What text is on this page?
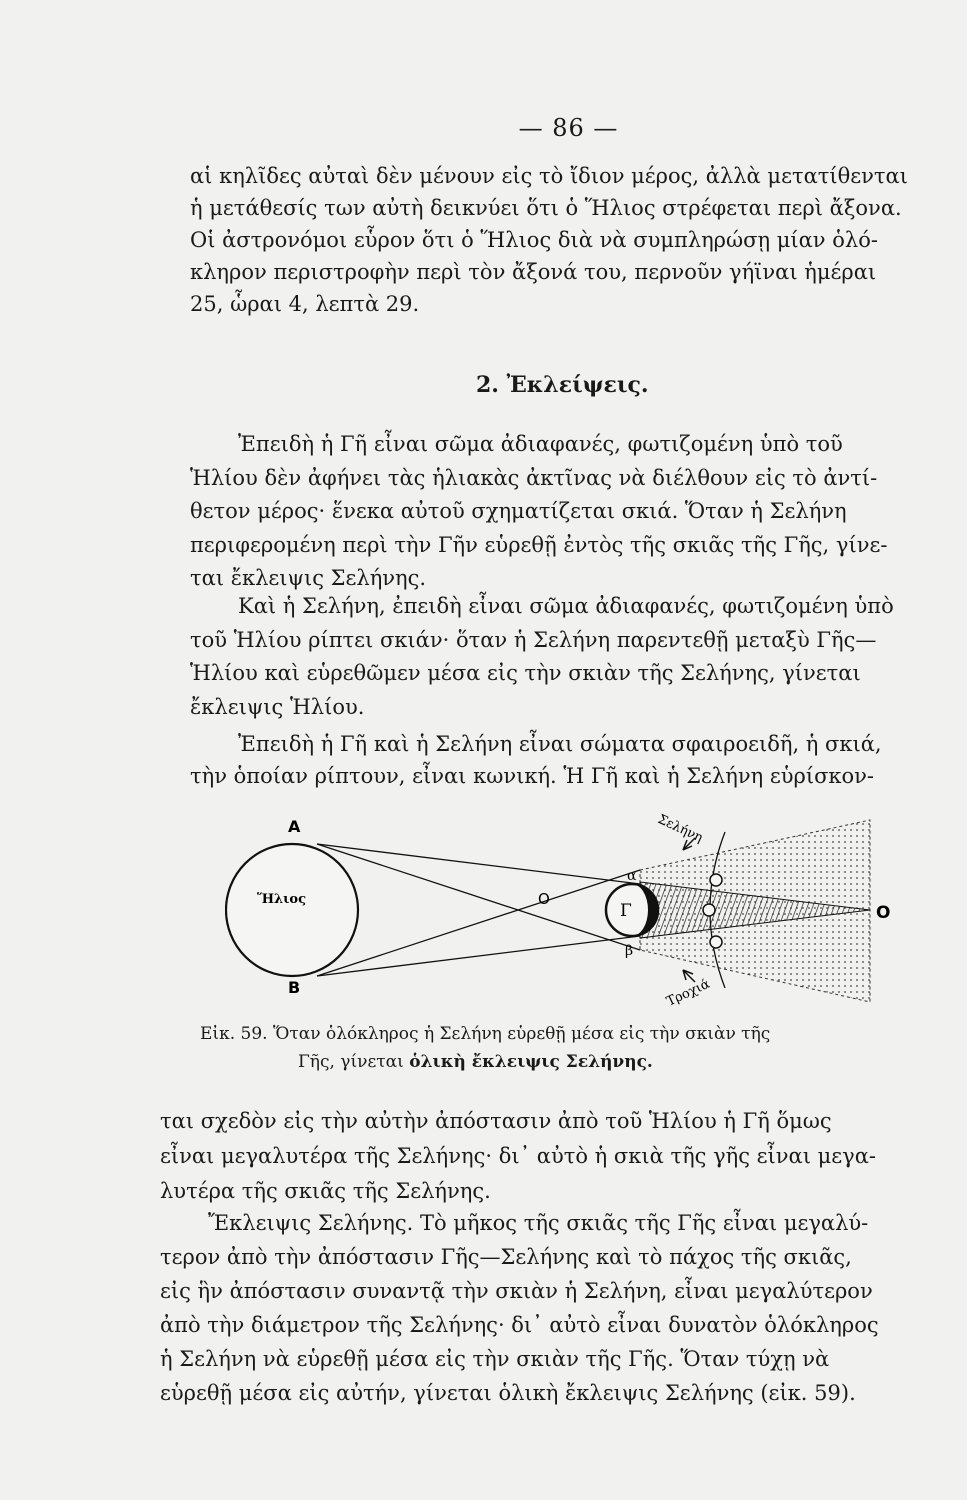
— 86 —
αἱ κηλῖδες αὐταὶ δὲν μένουν εἰς τὸ ἴδιον μέρος, ἀλλὰ μετατίθενται
ἡ μετάθεσίς των αὐτὴ δεικνύει ὅτι ὁ Ἥλιος στρέφεται περὶ ἄξονα.
Οἱ ἀστρονόμοι εὗρον ὅτι ὁ Ἥλιος διὰ νὰ συμπληρώσῃ μίαν ὁλό-
κληρον περιστροφὴν περὶ τὸν ἄξονά του, περνοῦν γήϊναι ἡμέραι
25, ὧραι 4, λεπτὰ 29.
2. Ἐκλείψεις.
Ἐπειδὴ ἡ Γῆ εἶναι σῶμα ἀδιαφανές, φωτιζομένη ὑπὸ τοῦ
Ἡλίου δὲν ἀφήνει τὰς ἡλιακὰς ἀκτῖνας νὰ διέλθουν εἰς τὸ ἀντί-
θετον μέρος· ἕνεκα αὐτοῦ σχηματίζεται σκιά. Ὅταν ἡ Σελήνη
περιφερομένη περὶ τὴν Γῆν εὑρεθῇ ἐντὸς τῆς σκιᾶς τῆς Γῆς, γίνε-
ται ἔκλειψις Σελήνης.
Καὶ ἡ Σελήνη, ἐπειδὴ εἶναι σῶμα ἀδιαφανές, φωτιζομένη ὑπὸ
τοῦ Ἡλίου ρίπτει σκιάν· ὅταν ἡ Σελήνη παρεντεθῇ μεταξὺ Γῆς—
Ἡλίου καὶ εὑρεθῶμεν μέσα εἰς τὴν σκιὰν τῆς Σελήνης, γίνεται
ἔκλειψις Ἡλίου.
Ἐπειδὴ ἡ Γῆ καὶ ἡ Σελήνη εἶναι σώματα σφαιροειδῆ, ἡ σκιά,
τὴν ὁποίαν ρίπτουν, εἶναι κωνική. Ἡ Γῆ καὶ ἡ Σελήνη εὑρίσκον-
A
B
Ἥλιος	O
O
α
β
Γ
Σελήνη
Τροχιά
Εἰκ. 59. Ὅταν ὁλόκληρος ἡ Σελήνη εὑρεθῇ μέσα εἰς τὴν σκιὰν τῆς
Γῆς, γίνεται ὁλικὴ ἔκλειψις Σελήνης.
ται σχεδὸν εἰς τὴν αὐτὴν ἀπόστασιν ἀπὸ τοῦ Ἡλίου ἡ Γῆ ὅμως
εἶναι μεγαλυτέρα τῆς Σελήνης· δι᾽ αὐτὸ ἡ σκιὰ τῆς γῆς εἶναι μεγα-
λυτέρα τῆς σκιᾶς τῆς Σελήνης.
Ἔκλειψις Σελήνης. Τὸ μῆκος τῆς σκιᾶς τῆς Γῆς εἶναι μεγαλύ-
τερον ἀπὸ τὴν ἀπόστασιν Γῆς—Σελήνης καὶ τὸ πάχος τῆς σκιᾶς,
εἰς ἣν ἀπόστασιν συναντᾷ τὴν σκιὰν ἡ Σελήνη, εἶναι μεγαλύτερον
ἀπὸ τὴν διάμετρον τῆς Σελήνης· δι᾽ αὐτὸ εἶναι δυνατὸν ὁλόκληρος
ἡ Σελήνη νὰ εὑρεθῇ μέσα εἰς τὴν σκιὰν τῆς Γῆς. Ὅταν τύχῃ νὰ
εὑρεθῇ μέσα εἰς αὐτήν, γίνεται ὁλικὴ ἔκλειψις Σελήνης (εἰκ. 59).
